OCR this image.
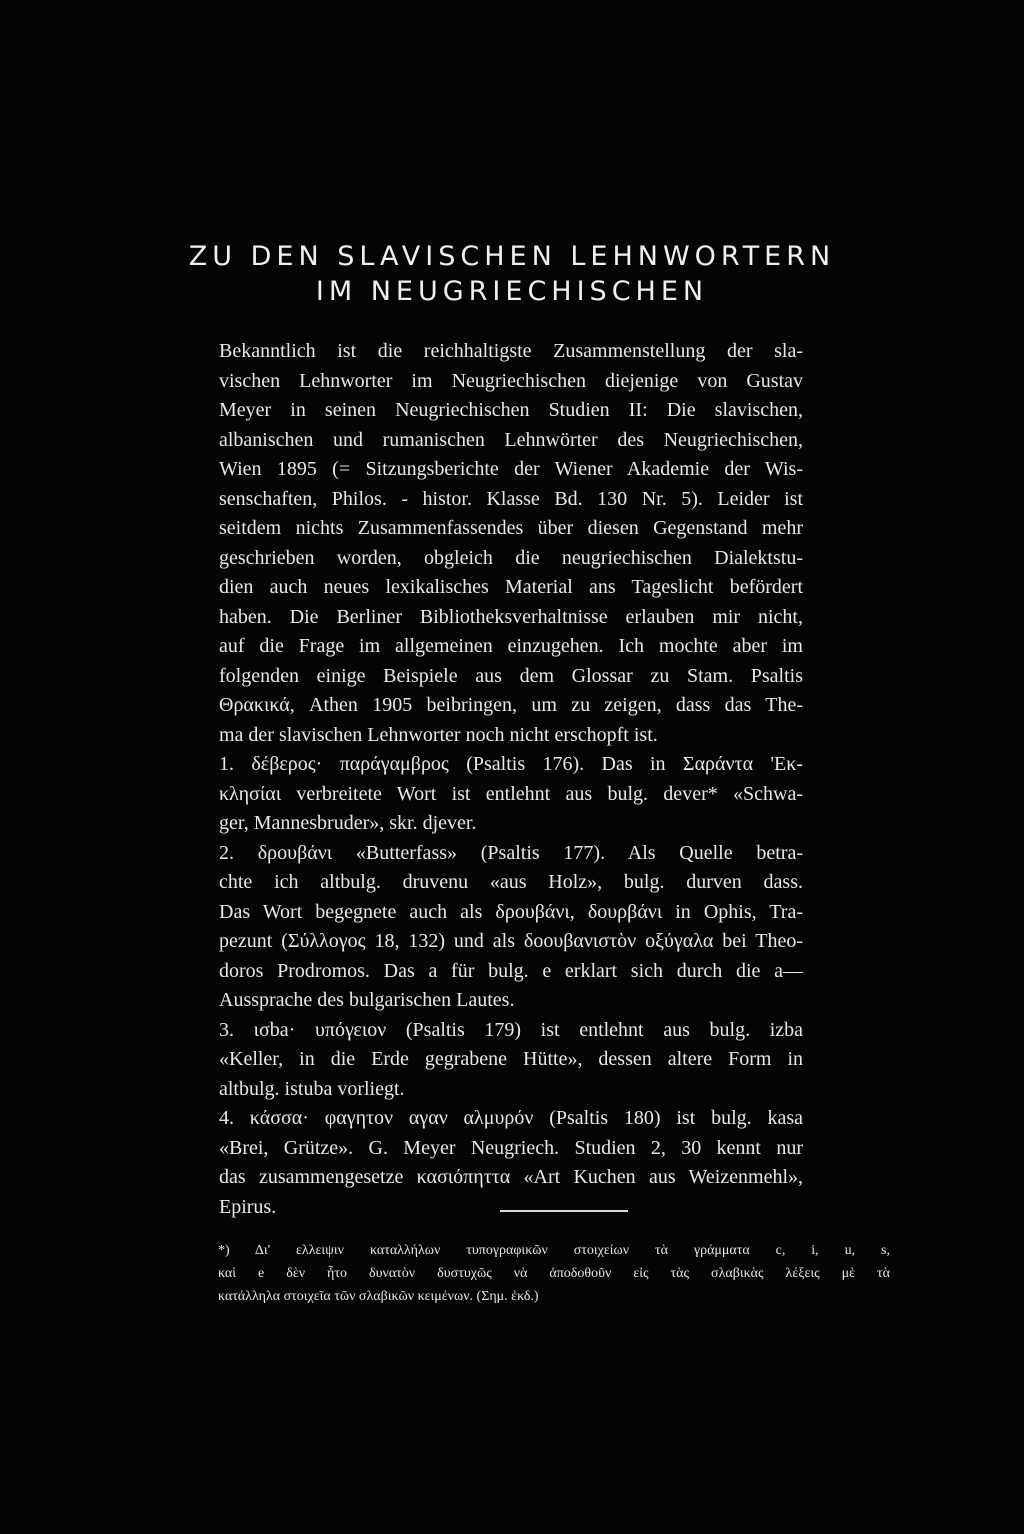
ZU DEN SLAVISCHEN LEHNWORTERN
IM NEUGRIECHISCHEN
Bekanntlich ist die reichhaltigste Zusammenstellung der sla-
vischen Lehnworter im Neugriechischen diejenige von Gustav
Meyer in seinen Neugriechischen Studien II: Die slavischen,
albanischen und rumanischen Lehnwörter des Neugriechischen,
Wien 1895 (= Sitzungsberichte der Wiener Akademie der Wis-
senschaften, Philos. - histor. Klasse Bd. 130 Nr. 5). Leider ist
seitdem nichts Zusammenfassendes über diesen Gegenstand mehr
geschrieben worden, obgleich die neugriechischen Dialektstu-
dien auch neues lexikalisches Material ans Tageslicht befördert
haben. Die Berliner Bibliotheksverhaltnisse erlauben mir nicht,
auf die Frage im allgemeinen einzugehen. Ich mochte aber im
folgenden einige Beispiele aus dem Glossar zu Stam. Psaltis
Θρακικά, Athen 1905 beibringen, um zu zeigen, dass das The-
ma der slavischen Lehnworter noch nicht erschopft ist.
1. δέβερος· παράγαμβρος (Psaltis 176). Das in Σαράντα 'Εκ-
κλησίαι verbreitete Wort ist entlehnt aus bulg. dever* «Schwa-
ger, Mannesbruder», skr. djever.
2. δρουβάνι «Butterfass» (Psaltis 177). Als Quelle betra-
chte ich altbulg. druvenu «aus Holz», bulg. durven dass.
Das Wort begegnete auch als δρουβάνι, δουρβάνι in Ophis, Tra-
pezunt (Σύλλογος 18, 132) und als δοουβανιστὸν οξύγαλα bei Theo-
doros Prodromos. Das a für bulg. e erklart sich durch die a—
Aussprache des bulgarischen Lautes.
3. ισba· υπόγειον (Psaltis 179) ist entlehnt aus bulg. izba
«Keller, in die Erde gegrabene Hütte», dessen altere Form in
altbulg. istuba vorliegt.
4. κάσσα· φαγητον αγαν αλμυρόν (Psaltis 180) ist bulg. kasa
«Brei, Grütze». G. Meyer Neugriech. Studien 2, 30 kennt nur
das zusammengesetze κασιόπηττα «Art Kuchen aus Weizenmehl»,
Epirus.
*) Δι' ελλειψιν καταλλήλων τυπογραφικῶν στοιχείων τὰ γράμματα c, i, u, s,
καὶ e δὲν ἦτο δυνατὸν δυστυχῶς νὰ ἀποδοθοῦν εἰς τὰς σλαβικὰς λέξεις μὲ τὰ
κατάλληλα στοιχεῖα τῶν σλαβικῶν κειμένων. (Σημ. ἐκδ.)
